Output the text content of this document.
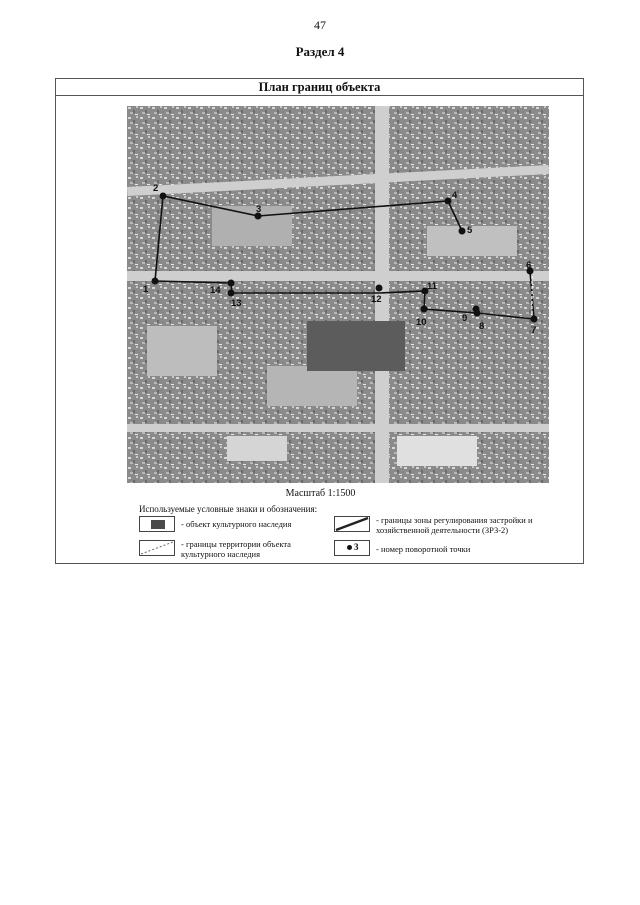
47
Раздел 4
План границ объекта
1
2
3
4
5
6
7
8
9
10
11
12
13
14
Масштаб 1:1500
Используемые условные знаки и обозначения:
- объект культурного наследия	- границы зоны регулирования застройки и хозяйственной деятельности (ЗРЗ-2)
- границы территории объекта культурного наследия
3 - номер поворотной точки
